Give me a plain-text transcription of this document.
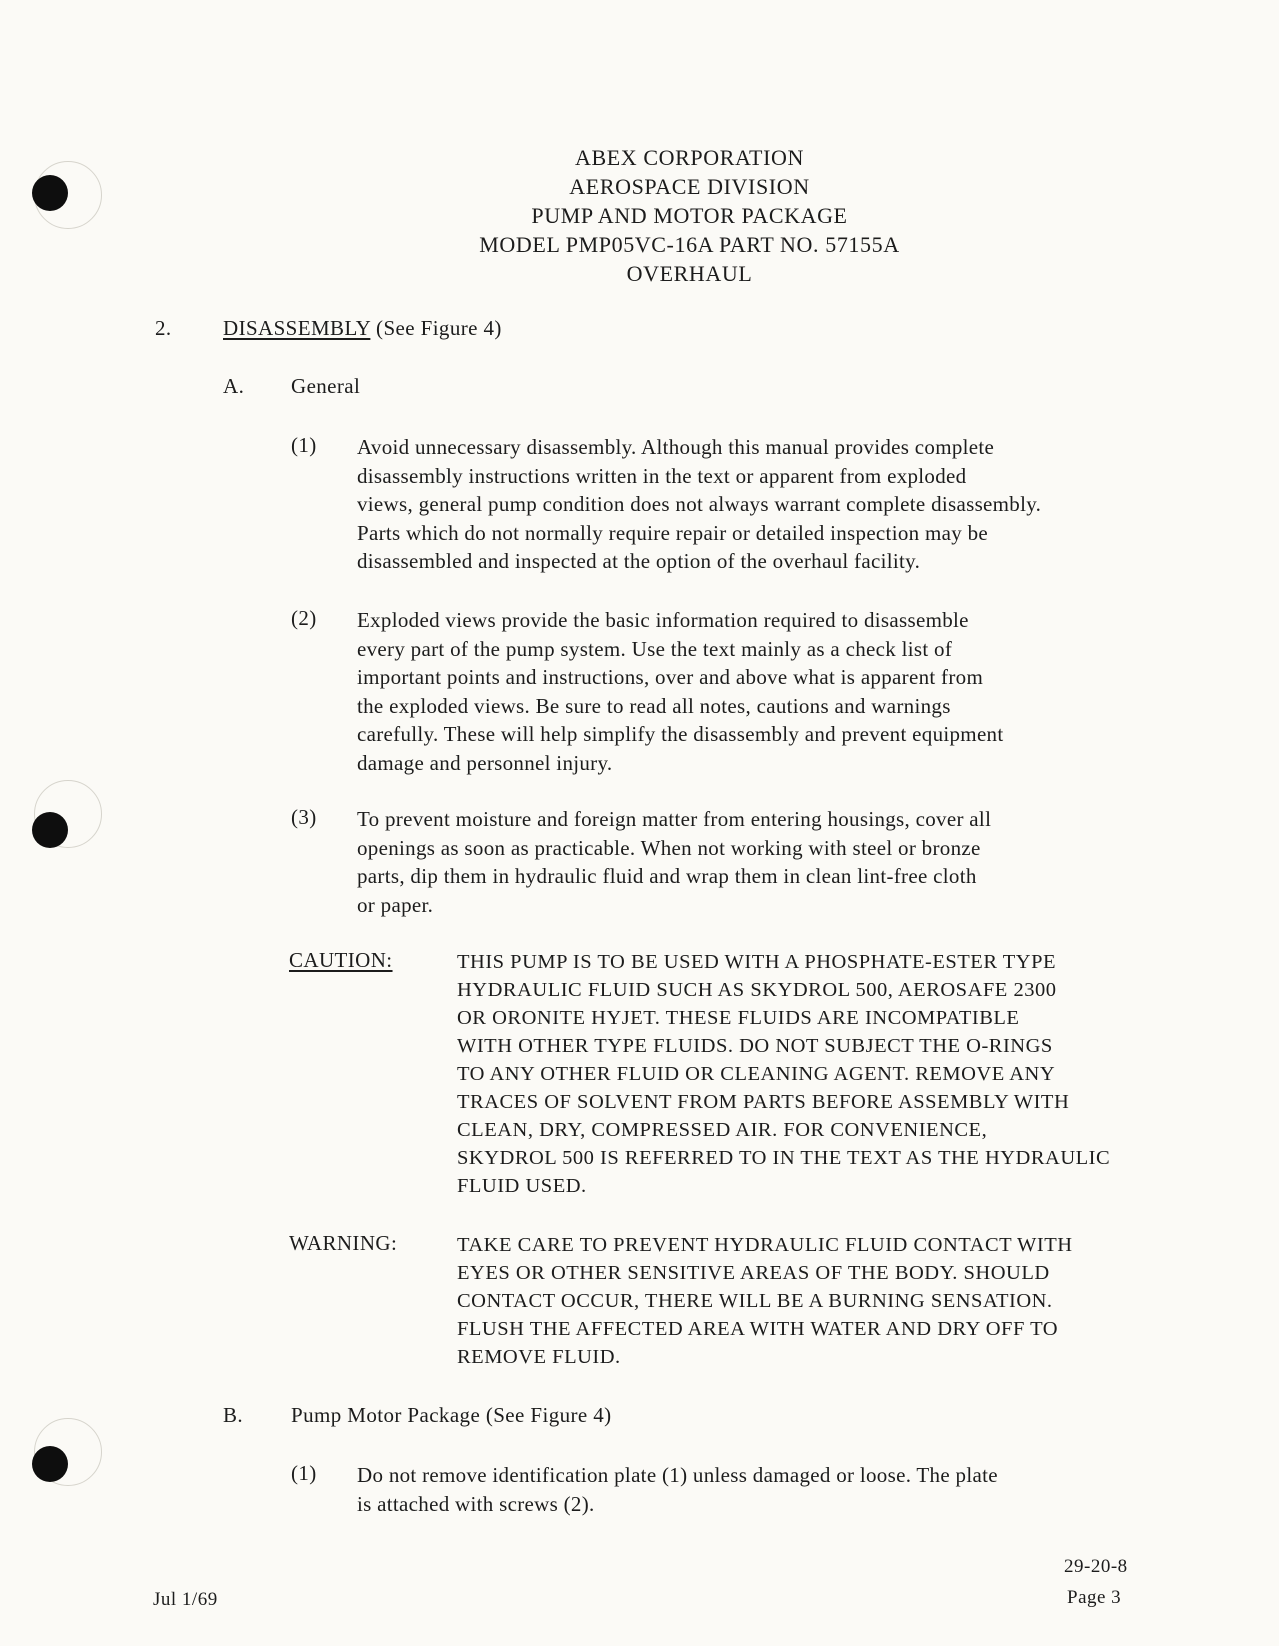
ABEX CORPORATION
AEROSPACE DIVISION
PUMP AND MOTOR PACKAGE
MODEL PMP05VC-16A PART NO. 57155A
OVERHAUL
2. DISASSEMBLY (See Figure 4)
A. General
(1) Avoid unnecessary disassembly. Although this manual provides complete
disassembly instructions written in the text or apparent from exploded
views, general pump condition does not always warrant complete disassembly.
Parts which do not normally require repair or detailed inspection may be
disassembled and inspected at the option of the overhaul facility.
(2) Exploded views provide the basic information required to disassemble
every part of the pump system. Use the text mainly as a check list of
important points and instructions, over and above what is apparent from
the exploded views. Be sure to read all notes, cautions and warnings
carefully. These will help simplify the disassembly and prevent equipment
damage and personnel injury.
(3) To prevent moisture and foreign matter from entering housings, cover all
openings as soon as practicable. When not working with steel or bronze
parts, dip them in hydraulic fluid and wrap them in clean lint-free cloth
or paper.
CAUTION:	THIS PUMP IS TO BE USED WITH A PHOSPHATE-ESTER TYPE
HYDRAULIC FLUID SUCH AS SKYDROL 500, AEROSAFE 2300
OR ORONITE HYJET. THESE FLUIDS ARE INCOMPATIBLE
WITH OTHER TYPE FLUIDS. DO NOT SUBJECT THE O-RINGS
TO ANY OTHER FLUID OR CLEANING AGENT. REMOVE ANY
TRACES OF SOLVENT FROM PARTS BEFORE ASSEMBLY WITH
CLEAN, DRY, COMPRESSED AIR. FOR CONVENIENCE,
SKYDROL 500 IS REFERRED TO IN THE TEXT AS THE HYDRAULIC
FLUID USED.
WARNING:	TAKE CARE TO PREVENT HYDRAULIC FLUID CONTACT WITH
EYES OR OTHER SENSITIVE AREAS OF THE BODY. SHOULD
CONTACT OCCUR, THERE WILL BE A BURNING SENSATION.
FLUSH THE AFFECTED AREA WITH WATER AND DRY OFF TO
REMOVE FLUID.
B. Pump Motor Package (See Figure 4)
(1) Do not remove identification plate (1) unless damaged or loose. The plate
is attached with screws (2).
Jul 1/69
29-20-8
Page 3
